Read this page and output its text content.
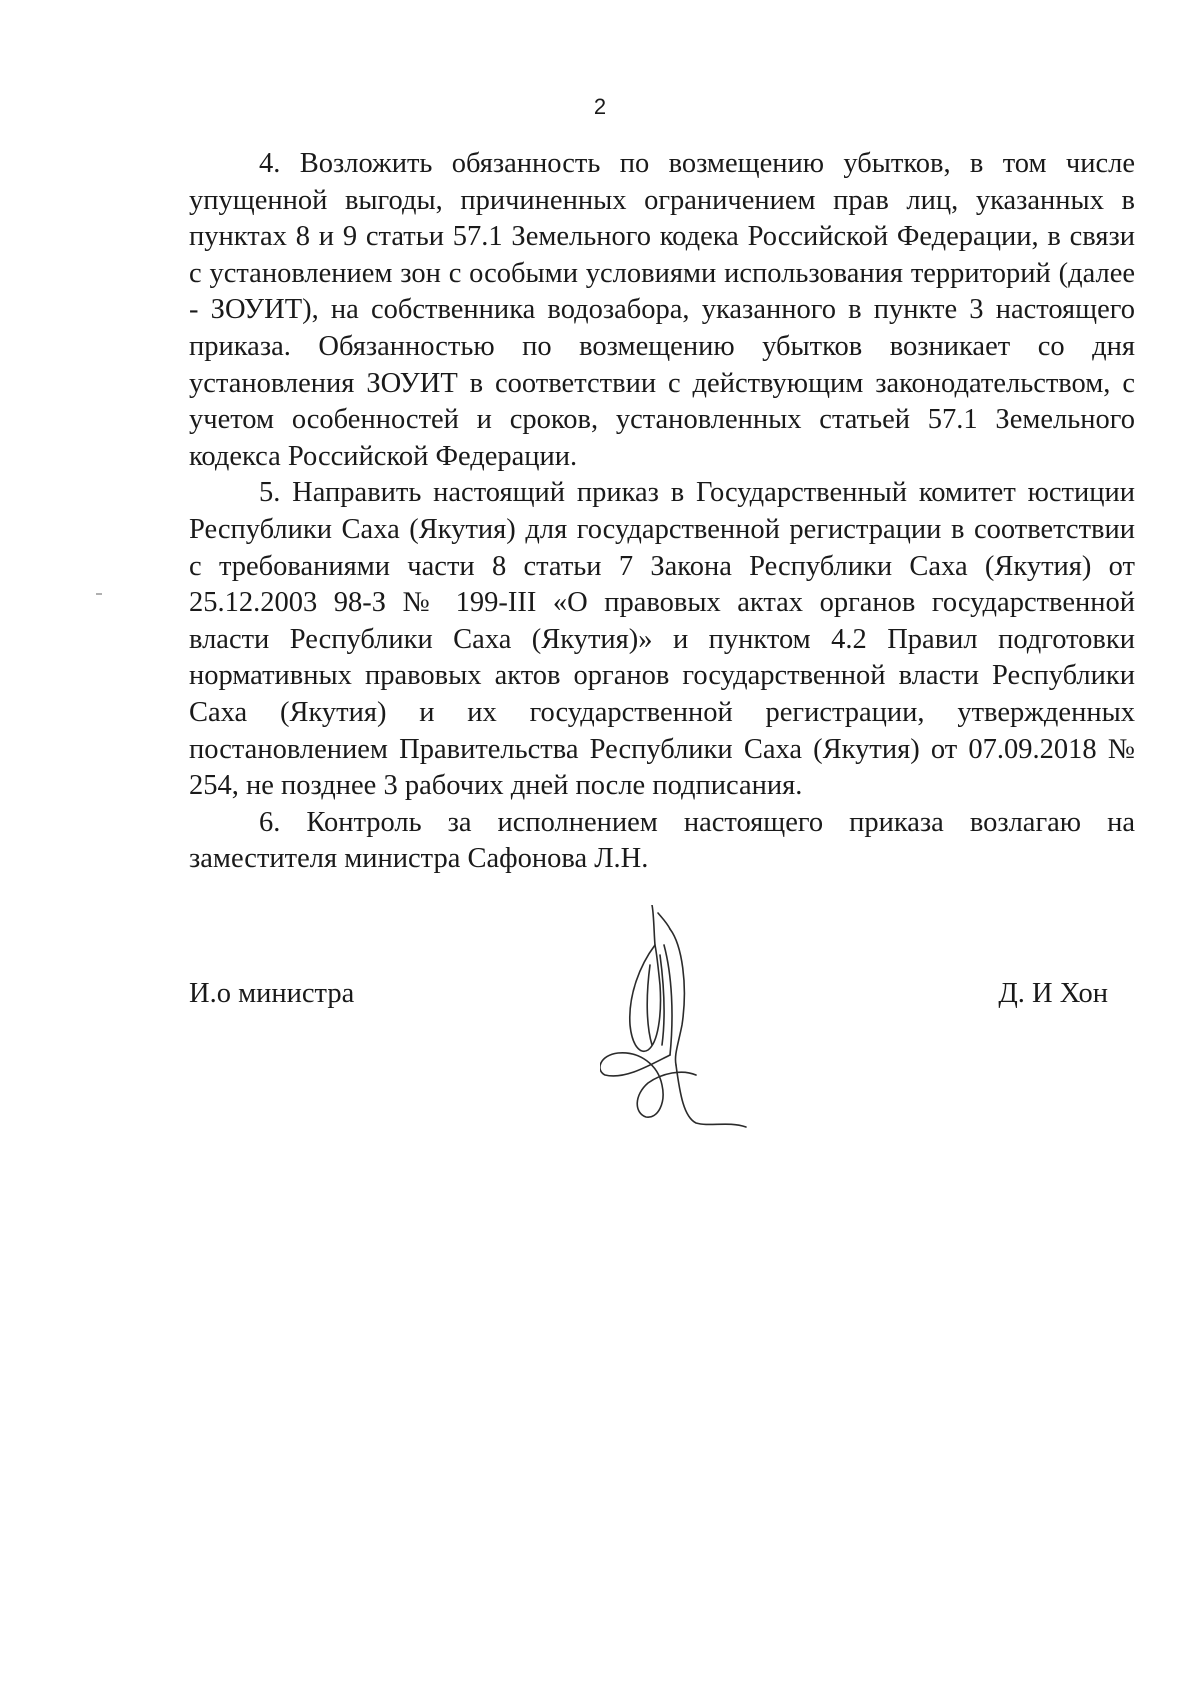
2

4. Возложить обязанность по возмещению убытков, в том числе упущенной выгоды, причиненных ограничением прав лиц, указанных в пунктах 8 и 9 статьи 57.1 Земельного кодека Российской Федерации, в связи с установлением зон с особыми условиями использования территорий (далее - ЗОУИТ), на собственника водозабора, указанного в пункте 3 настоящего приказа. Обязанностью по возмещению убытков возникает со дня установления ЗОУИТ в соответствии с действующим законодательством, с учетом особенностей и сроков, установленных статьей 57.1 Земельного кодекса Российской Федерации.

5. Направить настоящий приказ в Государственный комитет юстиции Республики Саха (Якутия) для государственной регистрации в соответствии с требованиями части 8 статьи 7 Закона Республики Саха (Якутия) от 25.12.2003 98-З № 199-III «О правовых актах органов государственной власти Республики Саха (Якутия)» и пунктом 4.2 Правил подготовки нормативных правовых актов органов государственной власти Республики Саха (Якутия) и их государственной регистрации, утвержденных постановлением Правительства Республики Саха (Якутия) от 07.09.2018 № 254, не позднее 3 рабочих дней после подписания.

6. Контроль за исполнением настоящего приказа возлагаю на заместителя министра Сафонова Л.Н.

И.о министра	Д. И Хон
